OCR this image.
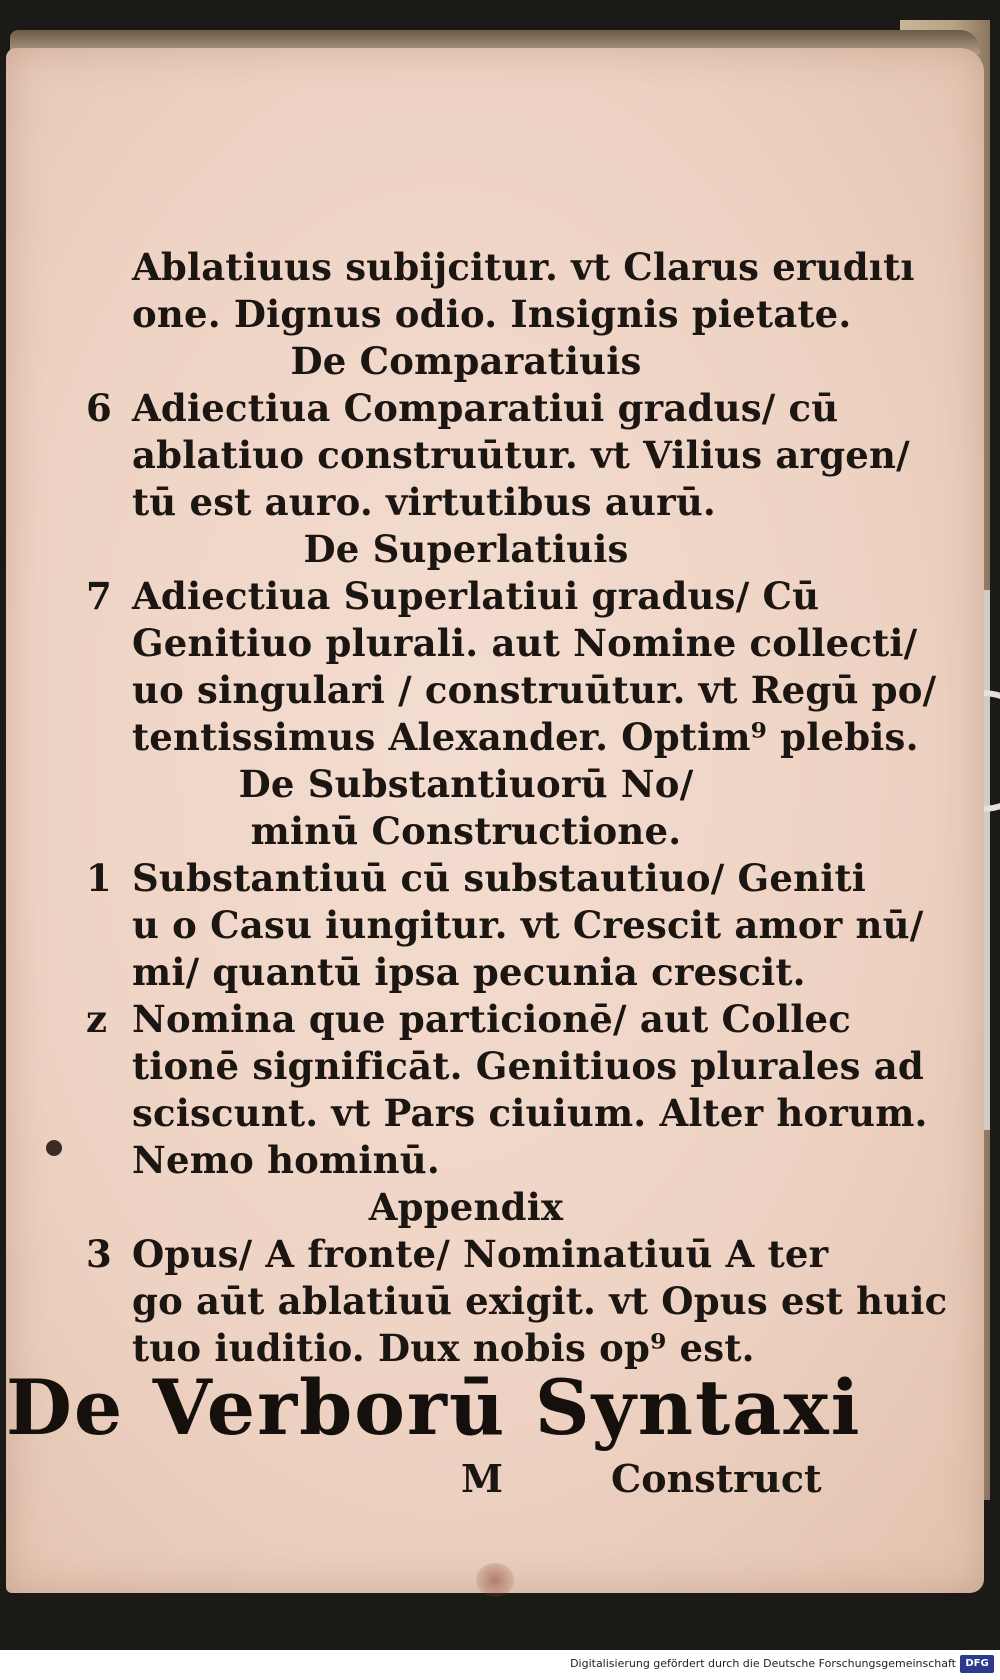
Ablatiuus subijcitur. vt Clarus erudıtı
one. Dignus odio. Insignis pietate.
De Comparatiuis
6 Adiectiua Comparatiui gradus/ cū
ablatiuo construūtur. vt Vilius argen/
tū est auro. virtutibus aurū.
De Superlatiuis
7 Adiectiua Superlatiui gradus/ Cū
Genitiuo plurali. aut Nomine collecti/
uo singulari / construūtur. vt Regū po/
tentissimus Alexander. Optim⁹ plebis.
De Substantiuorū No/
minū Constructione.
1 Substantiuū cū substautiuo/ Geniti
u o Casu iungitur. vt Crescit amor nū/
mi/ quantū ipsa pecunia crescit.
z Nomina que particionē/ aut Collec
tionē significāt. Genitiuos plurales ad
sciscunt. vt Pars ciuium. Alter horum.
Nemo hominū.
Appendix
3 Opus/ A fronte/ Nominatiuū A ter
go aūt ablatiuū exigit. vt Opus est huic
tuo iuditio. Dux nobis op⁹ est.
De Verborū Syntaxi
M	Construct
Digitalisierung gefördert durch die Deutsche Forschungsgemeinschaft DFG
